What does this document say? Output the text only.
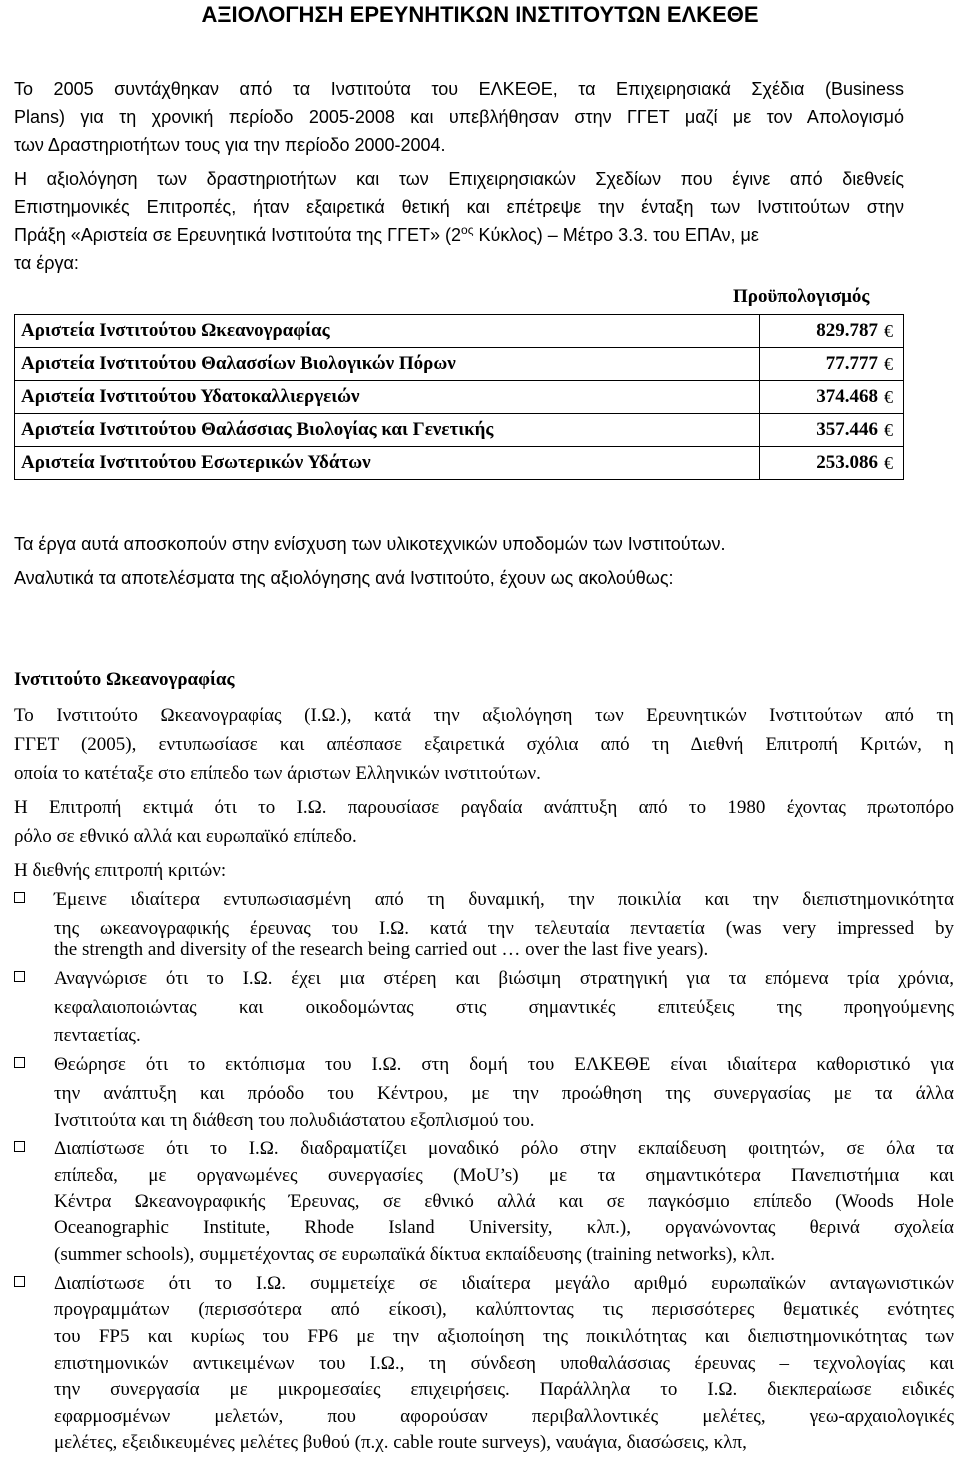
ΑΞΙΟΛΟΓΗΣΗ ΕΡΕΥΝΗΤΙΚΩΝ ΙΝΣΤΙΤΟΥΤΩΝ ΕΛΚΕΘΕ
Το 2005 συντάχθηκαν από τα Ινστιτούτα του ΕΛΚΕΘΕ, τα Επιχειρησιακά Σχέδια (Business
Plans) για τη χρονική περίοδο 2005-2008 και υπεβλήθησαν στην ΓΓΕΤ μαζί με τον Απολογισμό
των Δραστηριοτήτων τους για την περίοδο 2000-2004.
Η αξιολόγηση των δραστηριοτήτων και των Επιχειρησιακών Σχεδίων που έγινε από διεθνείς
Επιστημονικές Επιτροπές, ήταν εξαιρετικά θετική και επέτρεψε την ένταξη των Ινστιτούτων στην
Πράξη «Αριστεία σε Ερευνητικά Ινστιτούτα της ΓΓΕΤ» ($2^{o\varsigma}$ Κύκλος) – Μέτρο 3.3. του ΕΠΑν, με
τα έργα:
Προϋπολογισμός
Αριστεία Ινστιτούτου Ωκεανογραφίας	829.787 €

Αριστεία Ινστιτούτου Θαλασσίων Βιολογικών Πόρων	77.777 €

Αριστεία Ινστιτούτου Υδατοκαλλιεργειών	374.468 €

Αριστεία Ινστιτούτου Θαλάσσιας Βιολογίας και Γενετικής	357.446 €

Αριστεία Ινστιτούτου Εσωτερικών Υδάτων	253.086 €
Τα έργα αυτά αποσκοπούν στην ενίσχυση των υλικοτεχνικών υποδομών των Ινστιτούτων.
Αναλυτικά τα αποτελέσματα της αξιολόγησης ανά Ινστιτούτο, έχουν ως ακολούθως:
Ινστιτούτο Ωκεανογραφίας
Το Ινστιτούτο Ωκεανογραφίας (Ι.Ω.), κατά την αξιολόγηση των Ερευνητικών Ινστιτούτων από τη
ΓΓΕΤ (2005), εντυπωσίασε και απέσπασε εξαιρετικά σχόλια από τη Διεθνή Επιτροπή Κριτών, η
οποία το κατέταξε στο επίπεδο των άριστων Ελληνικών ινστιτούτων.
Η Επιτροπή εκτιμά ότι το Ι.Ω. παρουσίασε ραγδαία ανάπτυξη από το 1980 έχοντας πρωτοπόρο
ρόλο σε εθνικό αλλά και ευρωπαϊκό επίπεδο.
Η διεθνής επιτροπή κριτών:
Έμεινε ιδιαίτερα εντυπωσιασμένη από τη δυναμική, την ποικιλία και την διεπιστημονικότητα
της ωκεανογραφικής έρευνας του Ι.Ω. κατά την τελευταία πενταετία (was very impressed by
the strength and diversity of the research being carried out … over the last five years).
Αναγνώρισε ότι το Ι.Ω. έχει μια στέρεη και βιώσιμη στρατηγική για τα επόμενα τρία χρόνια,
κεφαλαιοποιώντας και οικοδομώντας στις σημαντικές επιτεύξεις της προηγούμενης
πενταετίας.
Θεώρησε ότι το εκτόπισμα του Ι.Ω. στη δομή του ΕΛΚΕΘΕ είναι ιδιαίτερα καθοριστικό για
την ανάπτυξη και πρόοδο του Κέντρου, με την προώθηση της συνεργασίας με τα άλλα
Ινστιτούτα και τη διάθεση του πολυδιάστατου εξοπλισμού του.
Διαπίστωσε ότι το Ι.Ω. διαδραματίζει μοναδικό ρόλο στην εκπαίδευση φοιτητών, σε όλα τα
επίπεδα, με οργανωμένες συνεργασίες (MoU’s) με τα σημαντικότερα Πανεπιστήμια και
Κέντρα Ωκεανογραφικής Έρευνας, σε εθνικό αλλά και σε παγκόσμιο επίπεδο (Woods Hole
Oceanographic Institute, Rhode Island University, κλπ.), οργανώνοντας θερινά σχολεία
(summer schools), συμμετέχοντας σε ευρωπαϊκά δίκτυα εκπαίδευσης (training networks), κλπ.
Διαπίστωσε ότι το Ι.Ω. συμμετείχε σε ιδιαίτερα μεγάλο αριθμό ευρωπαϊκών ανταγωνιστικών
προγραμμάτων (περισσότερα από είκοσι), καλύπτοντας τις περισσότερες θεματικές ενότητες
του FP5 και κυρίως του FP6 με την αξιοποίηση της ποικιλότητας και διεπιστημονικότητας των
επιστημονικών αντικειμένων του Ι.Ω., τη σύνδεση υποθαλάσσιας έρευνας – τεχνολογίας και
την συνεργασία με μικρομεσαίες επιχειρήσεις. Παράλληλα το Ι.Ω. διεκπεραίωσε ειδικές
εφαρμοσμένων μελετών, που αφορούσαν περιβαλλοντικές μελέτες, γεω-αρχαιολογικές
μελέτες, εξειδικευμένες μελέτες βυθού (π.χ. cable route surveys), ναυάγια, διασώσεις, κλπ,
